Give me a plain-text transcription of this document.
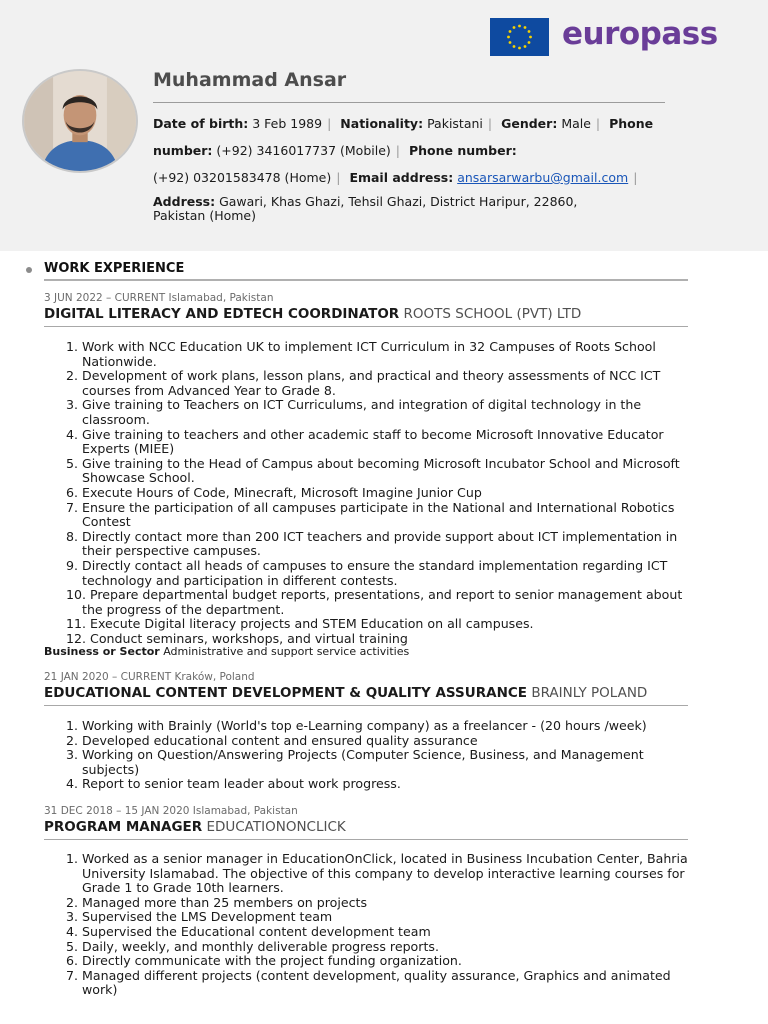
europass
Muhammad Ansar
Date of birth: 3 Feb 1989 | Nationality: Pakistani | Gender: Male | Phone
number: (+92) 3416017737 (Mobile) | Phone number:
(+92) 03201583478 (Home) | Email address: ansarsarwarbu@gmail.com |
Address: Gawari, Khas Ghazi, Tehsil Ghazi, District Haripur, 22860, Pakistan (Home)
WORK EXPERIENCE
3 JUN 2022 – CURRENT Islamabad, Pakistan
DIGITAL LITERACY AND EDTECH COORDINATOR ROOTS SCHOOL (PVT) LTD
1. Work with NCC Education UK to implement ICT Curriculum in 32 Campuses of Roots School Nationwide.
2. Development of work plans, lesson plans, and practical and theory assessments of NCC ICT courses from Advanced Year to Grade 8.
3. Give training to Teachers on ICT Curriculums, and integration of digital technology in the classroom.
4. Give training to teachers and other academic staff to become Microsoft Innovative Educator Experts (MIEE)
5. Give training to the Head of Campus about becoming Microsoft Incubator School and Microsoft Showcase School.
6. Execute Hours of Code, Minecraft, Microsoft Imagine Junior Cup
7. Ensure the participation of all campuses participate in the National and International Robotics Contest
8. Directly contact more than 200 ICT teachers and provide support about ICT implementation in their perspective campuses.
9. Directly contact all heads of campuses to ensure the standard implementation regarding ICT technology and participation in different contests.
10. Prepare departmental budget reports, presentations, and report to senior management about the progress of the department.
11. Execute Digital literacy projects and STEM Education on all campuses.
12. Conduct seminars, workshops, and virtual training
Business or Sector Administrative and support service activities
21 JAN 2020 – CURRENT Kraków, Poland
EDUCATIONAL CONTENT DEVELOPMENT & QUALITY ASSURANCE BRAINLY POLAND
1. Working with Brainly (World's top e-Learning company) as a freelancer - (20 hours /week)
2. Developed educational content and ensured quality assurance
3. Working on Question/Answering Projects (Computer Science, Business, and Management subjects)
4. Report to senior team leader about work progress.
31 DEC 2018 – 15 JAN 2020 Islamabad, Pakistan
PROGRAM MANAGER EDUCATIONONCLICK
1. Worked as a senior manager in EducationOnClick, located in Business Incubation Center, Bahria University Islamabad. The objective of this company to develop interactive learning courses for Grade 1 to Grade 10th learners.
2. Managed more than 25 members on projects
3. Supervised the LMS Development team
4. Supervised the Educational content development team
5. Daily, weekly, and monthly deliverable progress reports.
6. Directly communicate with the project funding organization.
7. Managed different projects (content development, quality assurance, Graphics and animated work)
